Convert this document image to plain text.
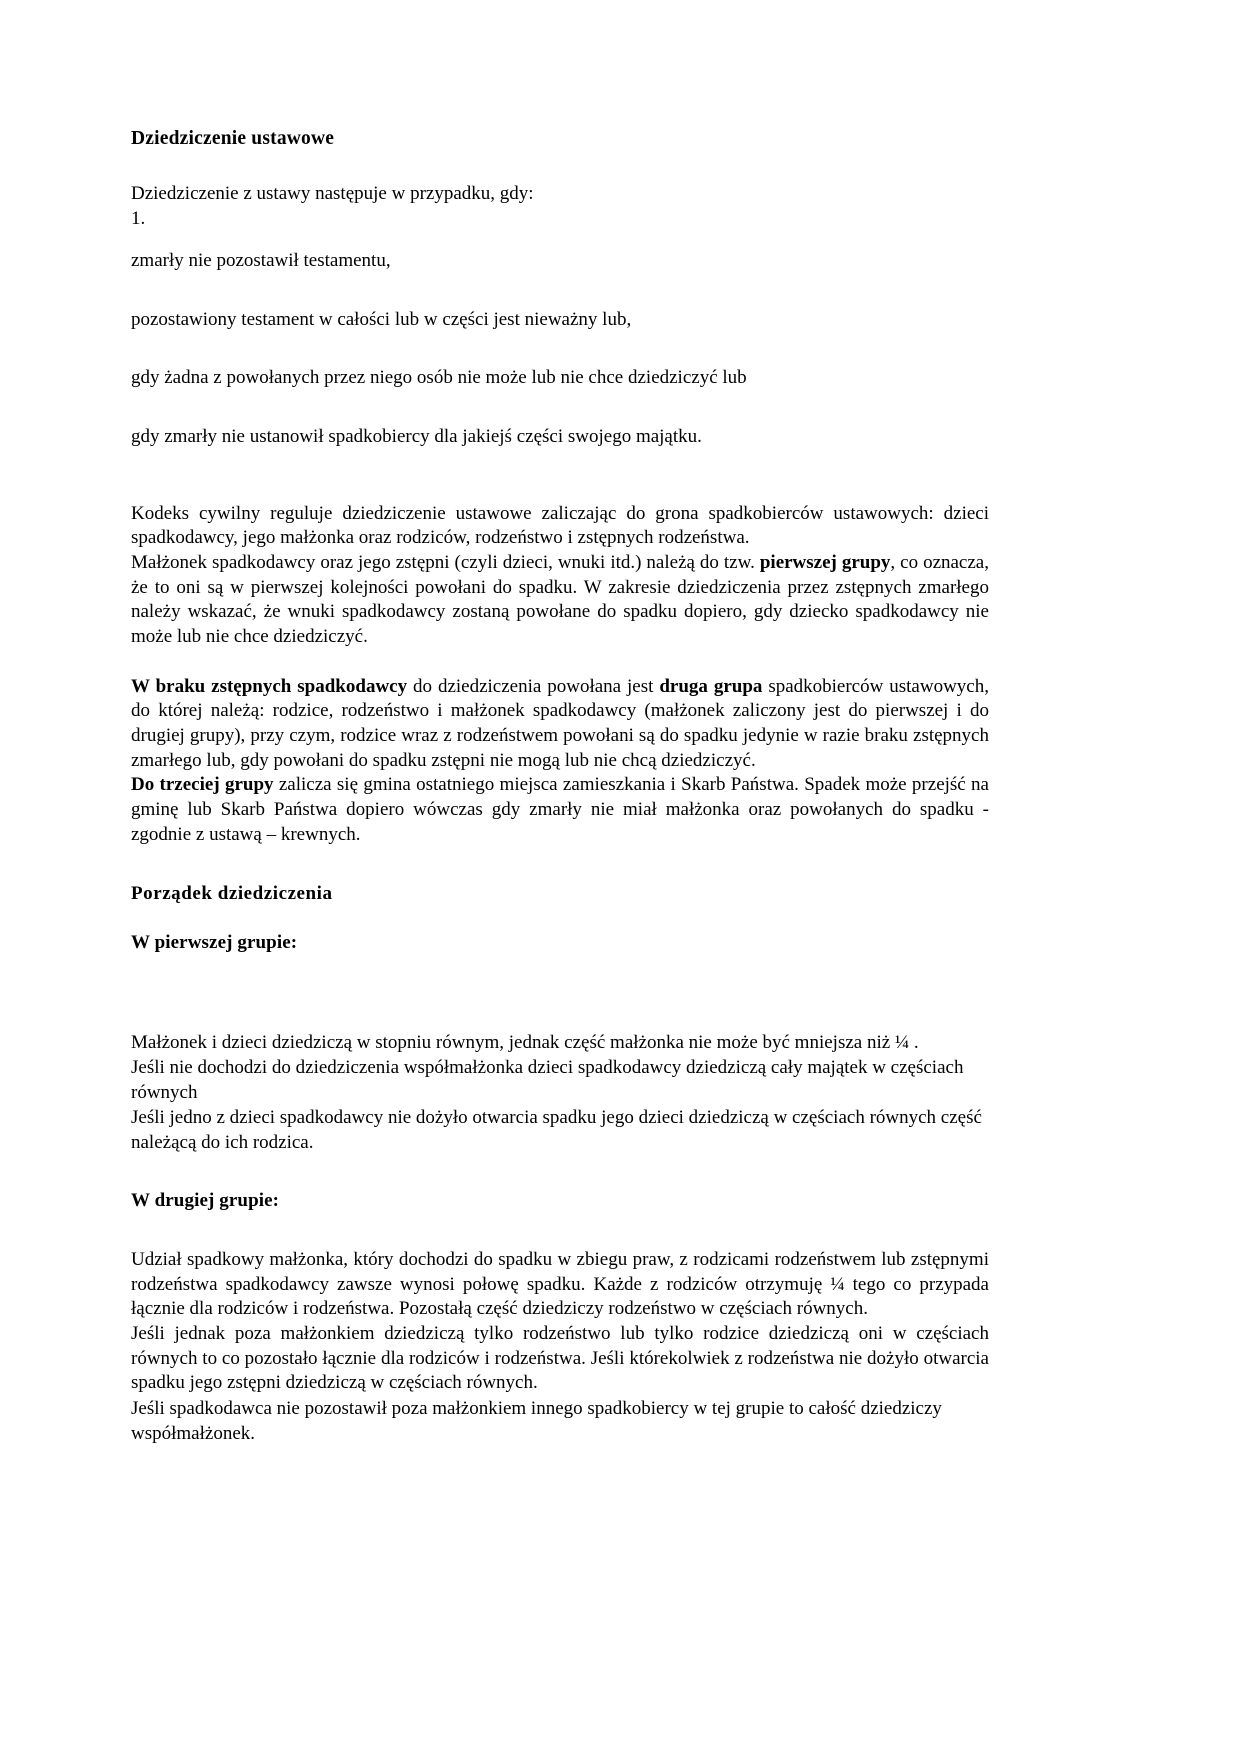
Dziedziczenie ustawowe

Dziedziczenie z ustawy następuje w przypadku, gdy:

1.

zmarły nie pozostawił testamentu,

pozostawiony testament w całości lub w części jest nieważny lub,

gdy żadna z powołanych przez niego osób nie może lub nie chce dziedziczyć lub

gdy zmarły nie ustanowił spadkobiercy dla jakiejś części swojego majątku.

Kodeks cywilny reguluje dziedziczenie ustawowe zaliczając do grona spadkobierców ustawowych: dzieci spadkodawcy, jego małżonka oraz rodziców, rodzeństwo i zstępnych rodzeństwa.

Małżonek spadkodawcy oraz jego zstępni (czyli dzieci, wnuki itd.) należą do tzw. pierwszej grupy, co oznacza, że to oni są w pierwszej kolejności powołani do spadku. W zakresie dziedziczenia przez zstępnych zmarłego należy wskazać, że wnuki spadkodawcy zostaną powołane do spadku dopiero, gdy dziecko spadkodawcy nie może lub nie chce dziedziczyć.

W braku zstępnych spadkodawcy do dziedziczenia powołana jest druga grupa spadkobierców ustawowych, do której należą: rodzice, rodzeństwo i małżonek spadkodawcy (małżonek zaliczony jest do pierwszej i do drugiej grupy), przy czym, rodzice wraz z rodzeństwem powołani są do spadku jedynie w razie braku zstępnych zmarłego lub, gdy powołani do spadku zstępni nie mogą lub nie chcą dziedziczyć.

Do trzeciej grupy zalicza się gmina ostatniego miejsca zamieszkania i Skarb Państwa. Spadek może przejść na gminę lub Skarb Państwa dopiero wówczas gdy zmarły nie miał małżonka oraz powołanych do spadku - zgodnie z ustawą – krewnych.

Porządek dziedziczenia

W pierwszej grupie:

Małżonek i dzieci dziedziczą w stopniu równym, jednak część małżonka nie może być mniejsza niż ¼ .

Jeśli nie dochodzi do dziedziczenia współmałżonka dzieci spadkodawcy dziedziczą cały majątek w częściach równych

Jeśli jedno z dzieci spadkodawcy nie dożyło otwarcia spadku jego dzieci dziedziczą w częściach równych część należącą do ich rodzica.

W drugiej grupie:

Udział spadkowy małżonka, który dochodzi do spadku w zbiegu praw, z rodzicami rodzeństwem lub zstępnymi rodzeństwa spadkodawcy zawsze wynosi połowę spadku. Każde z rodziców otrzymuję ¼ tego co przypada łącznie dla rodziców i rodzeństwa. Pozostałą część dziedziczy rodzeństwo w częściach równych.

Jeśli jednak poza małżonkiem dziedziczą tylko rodzeństwo lub tylko rodzice dziedziczą oni w częściach równych to co pozostało łącznie dla rodziców i rodzeństwa. Jeśli którekolwiek z rodzeństwa nie dożyło otwarcia spadku jego zstępni dziedziczą w częściach równych.

Jeśli spadkodawca nie pozostawił poza małżonkiem innego spadkobiercy w tej grupie to całość dziedziczy współmałżonek.
